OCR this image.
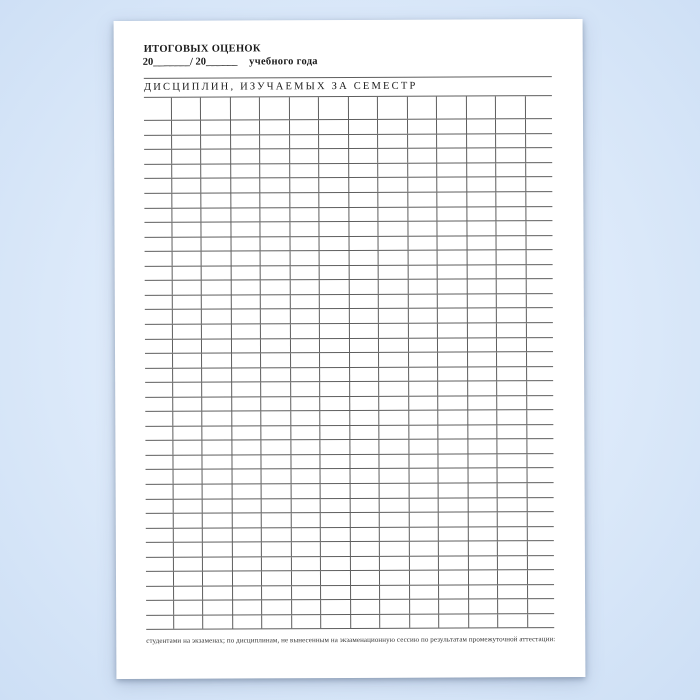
ИТОГОВЫХ ОЦЕНОК
20_______/ 20______ учебного года
ДИСЦИПЛИН, ИЗУЧАЕМЫХ ЗА СЕМЕСТР
студентами на экзаменах; по дисциплинам, не вынесенным на экзаменационную сессию по результатам промежуточной аттестации:
